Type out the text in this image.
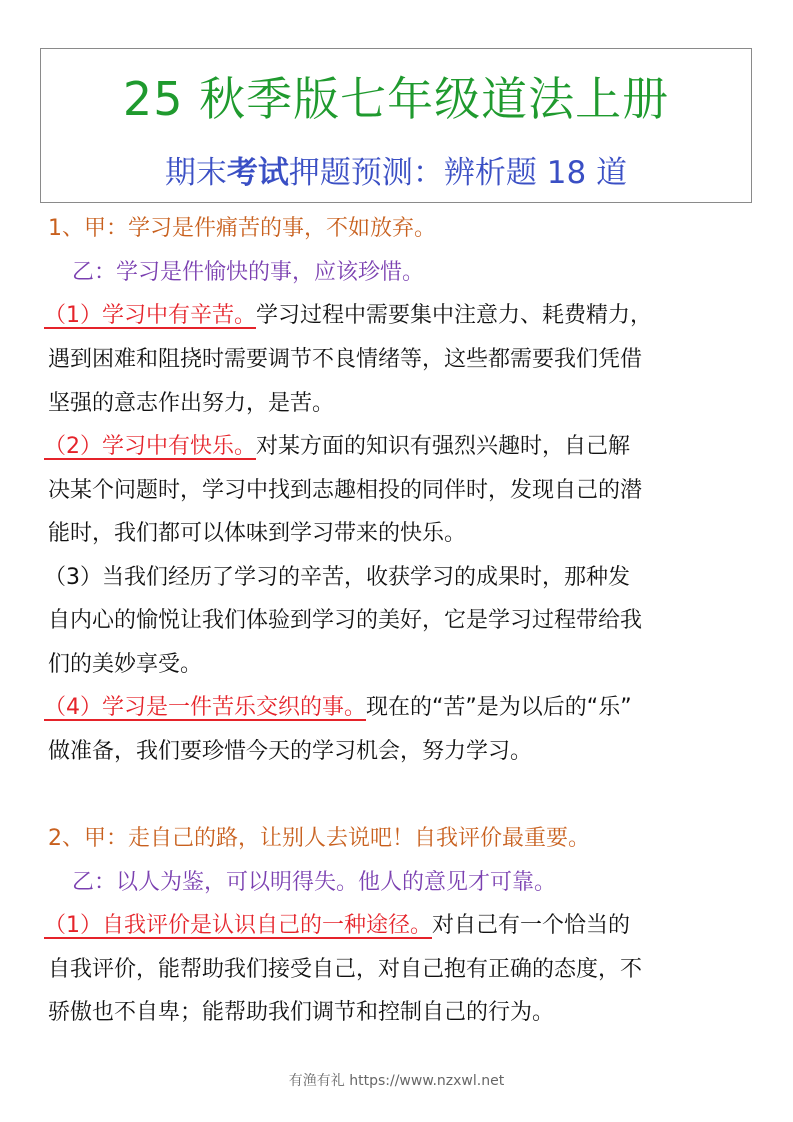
25 秋季版七年级道法上册
期末考试押题预测：辨析题 18 道
1、甲：学习是件痛苦的事，不如放弃。
乙：学习是件愉快的事，应该珍惜。
（1）学习中有辛苦。学习过程中需要集中注意力、耗费精力，
遇到困难和阻挠时需要调节不良情绪等，这些都需要我们凭借
坚强的意志作出努力，是苦。
（2）学习中有快乐。对某方面的知识有强烈兴趣时，自己解
决某个问题时，学习中找到志趣相投的同伴时，发现自己的潜
能时，我们都可以体味到学习带来的快乐。
（3）当我们经历了学习的辛苦，收获学习的成果时，那种发
自内心的愉悦让我们体验到学习的美好，它是学习过程带给我
们的美妙享受。
（4）学习是一件苦乐交织的事。现在的“苦”是为以后的“乐”
做准备，我们要珍惜今天的学习机会，努力学习。
2、甲：走自己的路，让别人去说吧！自我评价最重要。
乙：以人为鉴，可以明得失。他人的意见才可靠。
（1）自我评价是认识自己的一种途径。对自己有一个恰当的
自我评价，能帮助我们接受自己，对自己抱有正确的态度，不
骄傲也不自卑；能帮助我们调节和控制自己的行为。
有渔有礼 https://www.nzxwl.net
